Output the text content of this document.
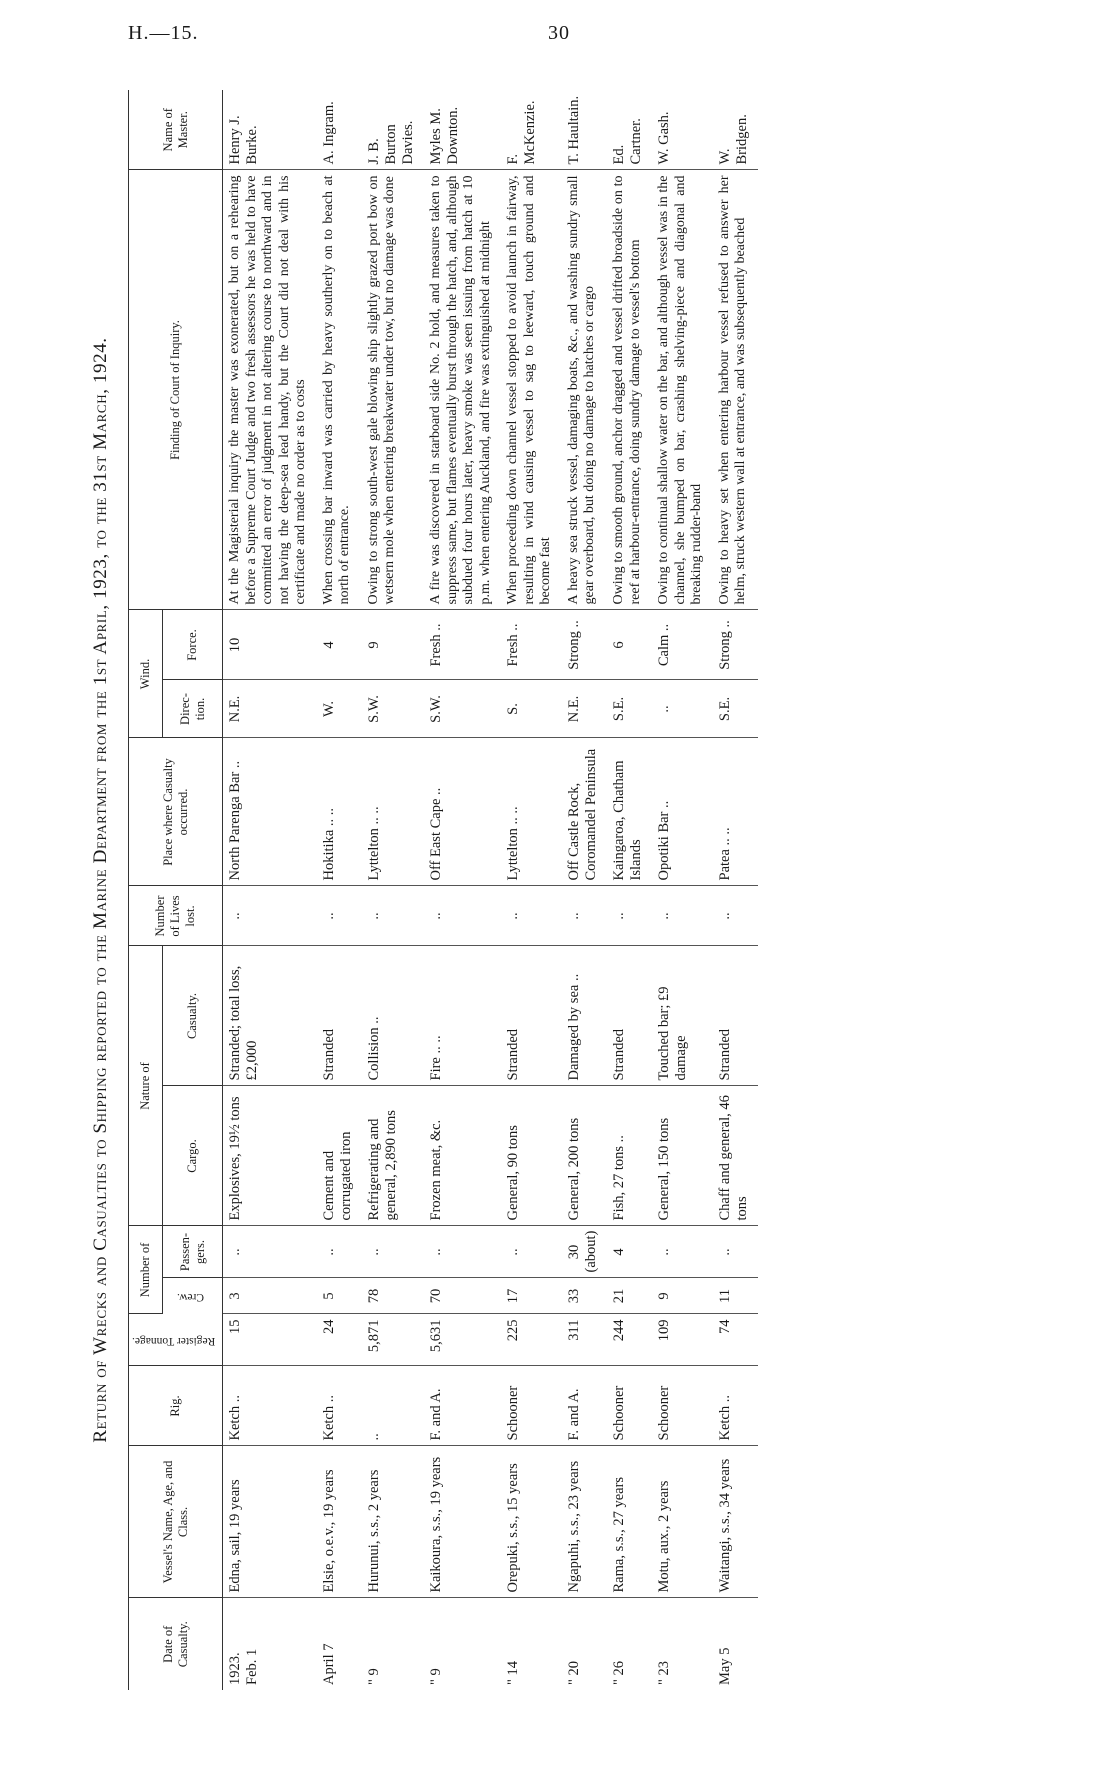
H.—15.	30
Return of Wrecks and Casualties to Shipping reported to the Marine Department from the 1st April, 1923, to the 31st March, 1924.
Date of Casualty.	Vessel's Name, Age, and Class.	Rig.	Register Tonnage.	Number of		Nature of		Number of Lives lost.	Place where Casualty occurred.	Wind.		Finding of Court of Inquiry.	Name of Master.
				Crew.	Passen-gers.	Cargo.	Casualty.			Direc-tion.	Force.		
1923.
Feb. 1	Edna, sail, 19 years	Ketch ..	15	3	..	Explosives, 19½ tons	Stranded; total loss, £2,000	..	North Parenga Bar ..	N.E.	10	At the Magisterial inquiry the master was exonerated, but on a rehearing before a Supreme Court Judge and two fresh assessors he was held to have committed an error of judgment in not altering course to northward and in not having the deep-sea lead handy, but the Court did not deal with his certificate and made no order as to costs	Henry J. Burke.
April 7	Elsie, o.e.v., 19 years	Ketch ..	24	5	..	Cement and corrugated iron	Stranded	..	Hokitika .. ..	W.	4	When crossing bar inward was carried by heavy southerly on to beach at north of entrance.	A. Ingram.
" 9	Hurunui, s.s., 2 years	..	5,871	78	..	Refrigerating and general, 2,890 tons	Collision ..	..	Lyttelton .. ..	S.W.	9	Owing to strong south-west gale blowing ship slightly grazed port bow on wetsern mole when entering breakwater under tow, but no damage was done	J. B. Burton Davies.
" 9	Kaikoura, s.s., 19 years	F. and A.	5,631	70	..	Frozen meat, &c.	Fire .. ..	..	Off East Cape ..	S.W.	Fresh ..	A fire was discovered in starboard side No. 2 hold, and measures taken to suppress same, but flames eventually burst through the hatch, and, although subdued four hours later, heavy smoke was seen issuing from hatch at 10 p.m. when entering Auckland, and fire was extinguished at midnight	Myles M. Downton.
" 14	Orepuki, s.s., 15 years	Schooner	225	17	..	General, 90 tons	Stranded	..	Lyttelton .. ..	S.	Fresh ..	When proceeding down channel vessel stopped to avoid launch in fairway, resulting in wind causing vessel to sag to leeward, touch ground and become fast	F. McKenzie.
" 20	Ngapuhi, s.s., 23 years	F. and A.	311	33	30 (about)	General, 200 tons	Damaged by sea ..	..	Off Castle Rock, Coromandel Peninsula	N.E.	Strong ..	A heavy sea struck vessel, damaging boats, &c., and washing sundry small gear overboard, but doing no damage to hatches or cargo	T. Haultain.
" 26	Rama, s.s., 27 years	Schooner	244	21	4	Fish, 27 tons ..	Stranded	..	Kaingaroa, Chatham Islands	S.E.	6	Owing to smooth ground, anchor dragged and vessel drifted broadside on to reef at harbour-entrance, doing sundry damage to vessel's bottom	Ed. Cartner.
" 23	Motu, aux., 2 years	Schooner	109	9	..	General, 150 tons	Touched bar; £9 damage	..	Opotiki Bar ..	..	Calm ..	Owing to continual shallow water on the bar, and although vessel was in the channel, she bumped on bar, crashing shelving-piece and diagonal and breaking rudder-band	W. Gash.
May 5	Waitangi, s.s., 34 years	Ketch ..	74	11	..	Chaff and general, 46 tons	Stranded	..	Patea .. ..	S.E.	Strong ..	Owing to heavy set when entering harbour vessel refused to answer her helm, struck western wall at entrance, and was subsequently beached	W. Bridgen.
